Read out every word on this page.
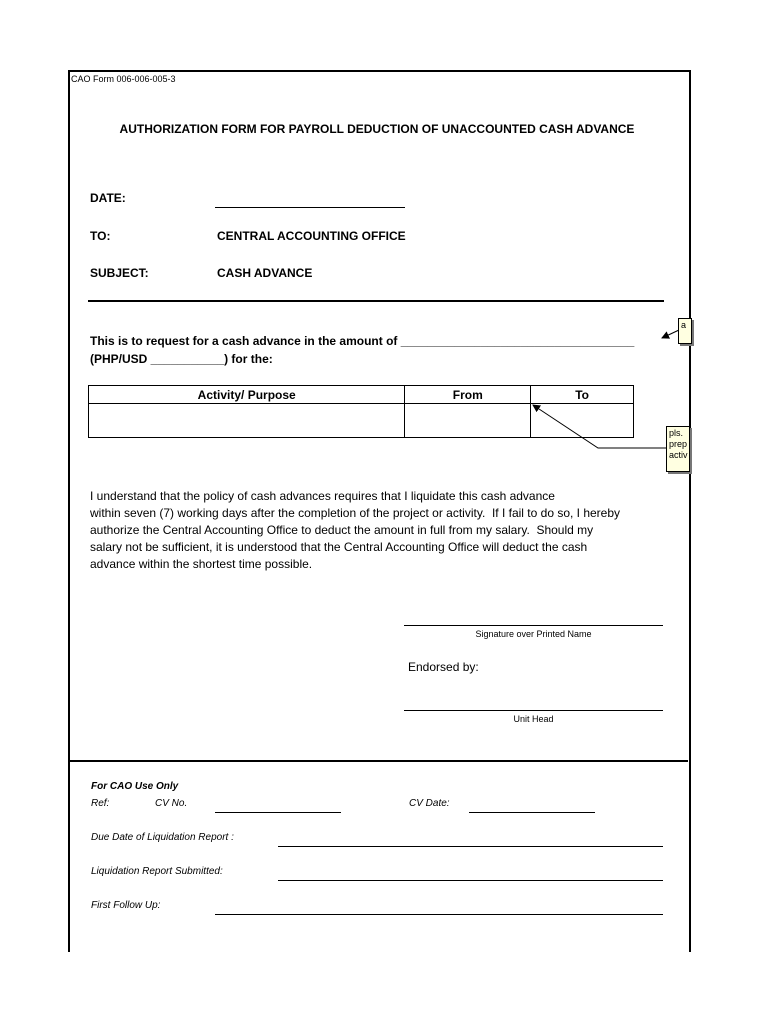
CAO Form 006-006-005-3
AUTHORIZATION FORM FOR PAYROLL DEDUCTION OF UNACCOUNTED CASH ADVANCE
DATE:
TO:	CENTRAL ACCOUNTING OFFICE
SUBJECT:	CASH ADVANCE
This is to request for a cash advance in the amount of ___________________________________
(PHP/USD ___________) for the:
Activity/ Purpose	From	To

I understand that the policy of cash advances requires that I liquidate this cash advance
within seven (7) working days after the completion of the project or activity.  If I fail to do so, I hereby
authorize the Central Accounting Office to deduct the amount in full from my salary.  Should my
salary not be sufficient, it is understood that the Central Accounting Office will deduct the cash
advance within the shortest time possible.

Signature over Printed Name
Endorsed by:
Unit Head
For CAO Use Only
Ref:	CV No.	CV Date:
Due Date of Liquidation Report :
Liquidation Report Submitted:
First Follow Up:
a
pls.
prep
activ
